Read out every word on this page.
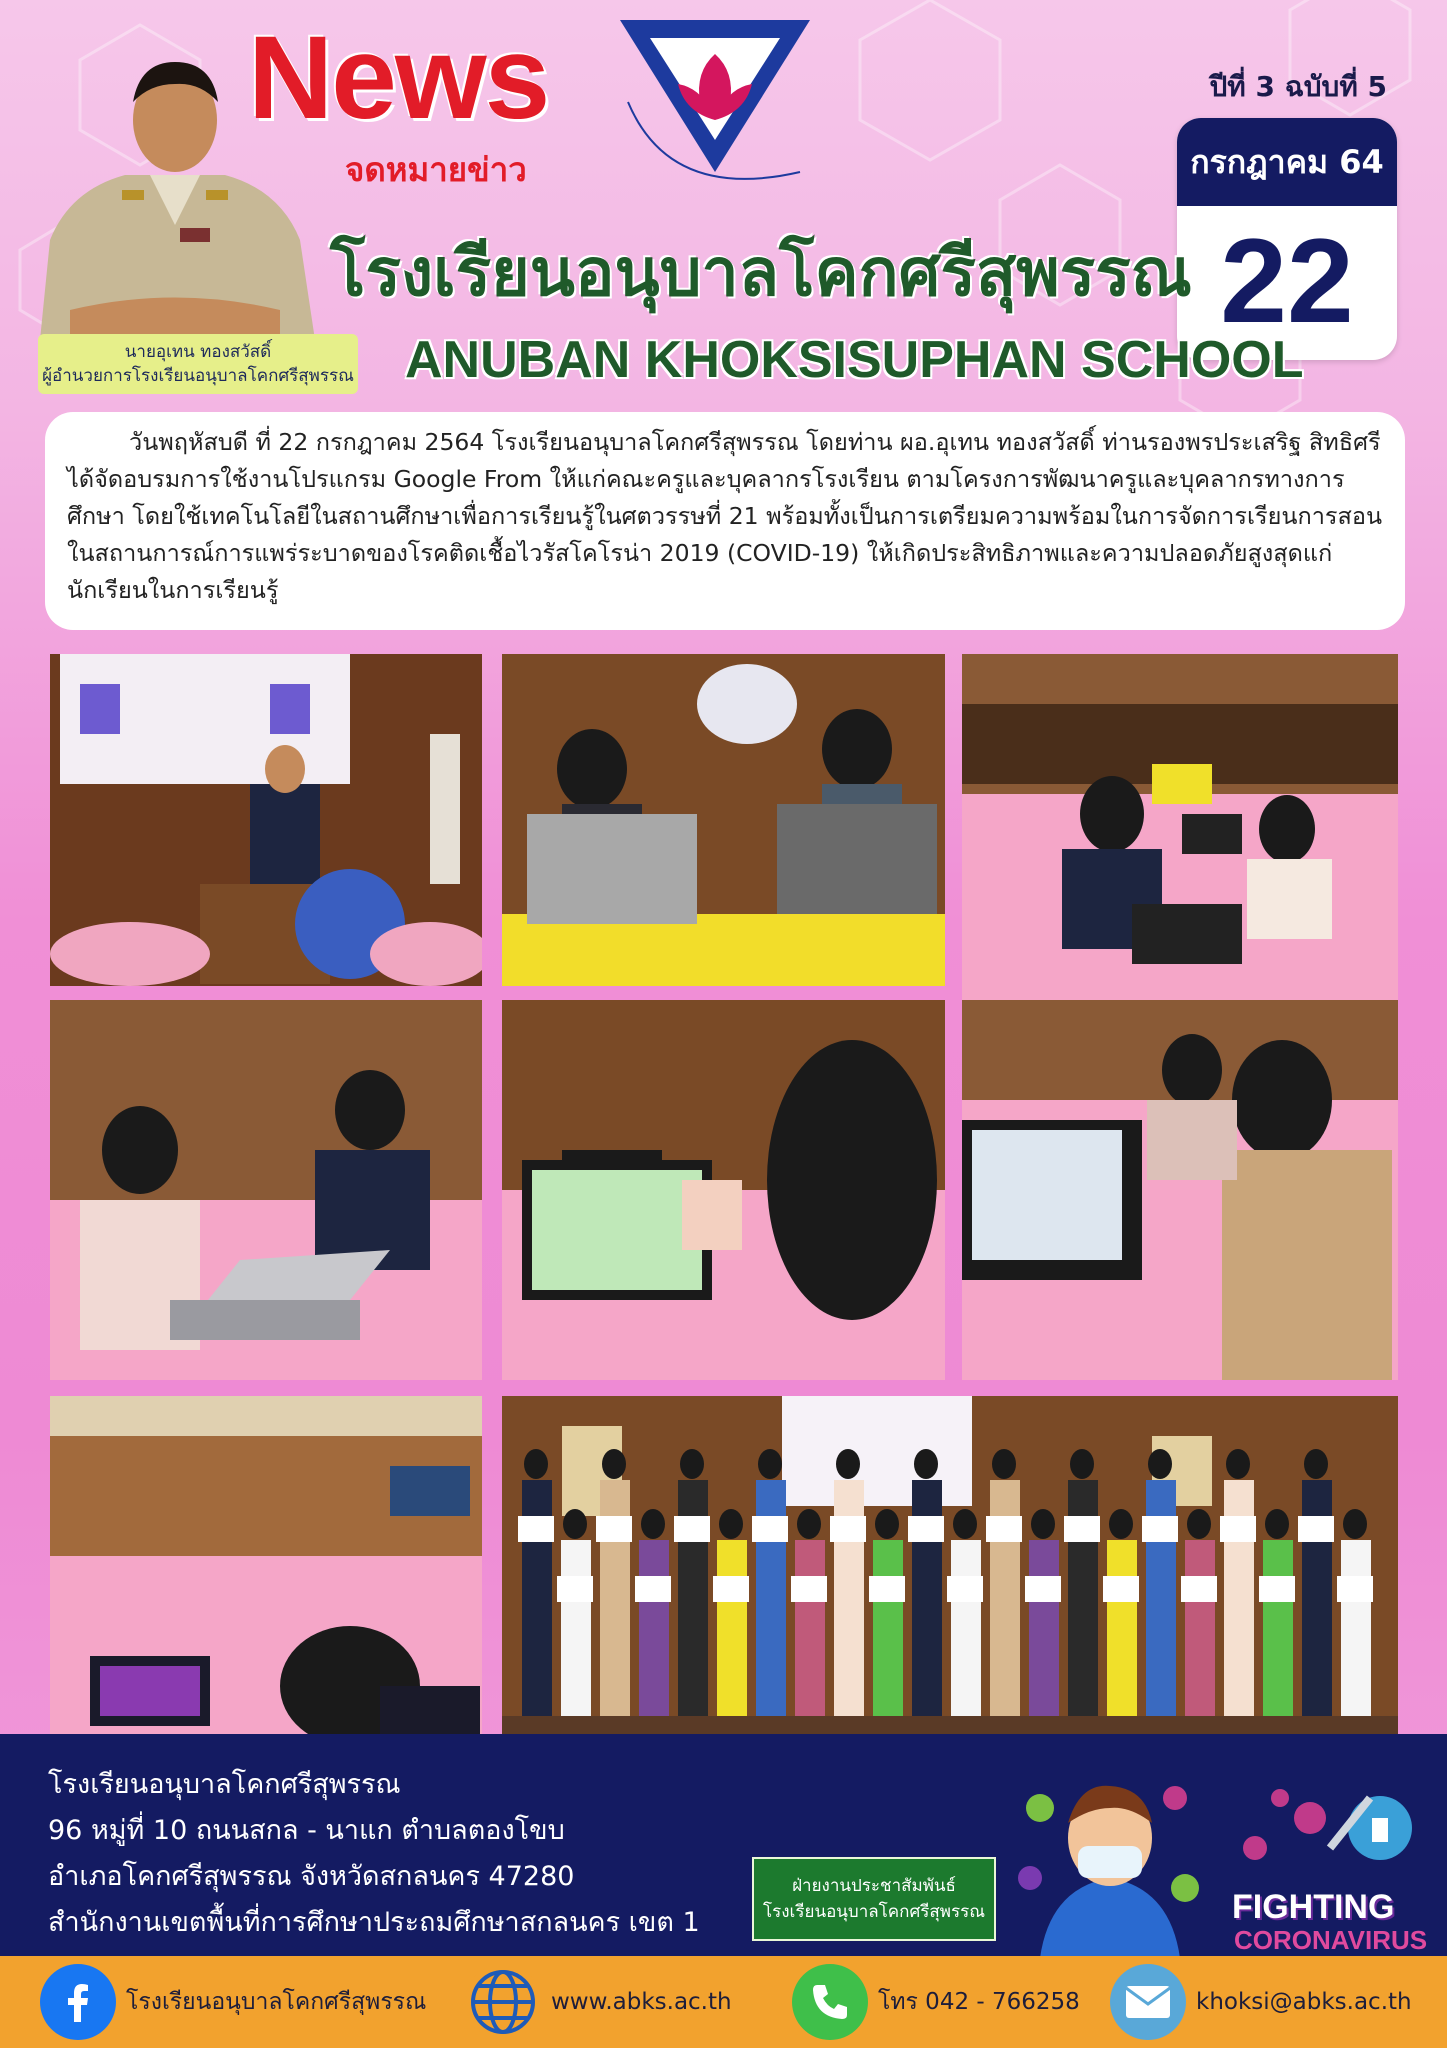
นายอุเทน ทองสวัสดิ์
ผู้อำนวยการโรงเรียนอนุบาลโคกศรีสุพรรณ
News
จดหมายข่าว
ปีที่ 3 ฉบับที่ 5
กรกฎาคม 64
22
โรงเรียนอนุบาลโคกศรีสุพรรณ
ANUBAN KHOKSISUPHAN SCHOOL

วันพฤหัสบดี ที่ 22 กรกฎาคม 2564 โรงเรียนอนุบาลโคกศรีสุพรรณ โดยท่าน ผอ.อุเทน ทองสวัสดิ์ ท่านรองพรประเสริฐ สิทธิศรี ได้จัดอบรมการใช้งานโปรแกรม Google From ให้แก่คณะครูและบุคลากรโรงเรียน ตามโครงการพัฒนาครูและบุคลากรทางการศึกษา โดยใช้เทคโนโลยีในสถานศึกษาเพื่อการเรียนรู้ในศตวรรษที่ 21 พร้อมทั้งเป็นการเตรียมความพร้อมในการจัดการเรียนการสอนในสถานการณ์การแพร่ระบาดของโรคติดเชื้อไวรัสโคโรน่า 2019 (COVID-19) ให้เกิดประสิทธิภาพและความปลอดภัยสูงสุดแก่นักเรียนในการเรียนรู้

โรงเรียนอนุบาลโคกศรีสุพรรณ
96 หมู่ที่ 10 ถนนสกล - นาแก ตำบลตองโขบ
อำเภอโคกศรีสุพรรณ จังหวัดสกลนคร 47280
สำนักงานเขตพื้นที่การศึกษาประถมศึกษาสกลนคร เขต 1
ฝ่ายงานประชาสัมพันธ์
โรงเรียนอนุบาลโคกศรีสุพรรณ	FIGHTING
CORONAVIRUS
โรงเรียนอนุบาลโคกศรีสุพรรณ	www.abks.ac.th	โทร 042 - 766258	khoksi@abks.ac.th
